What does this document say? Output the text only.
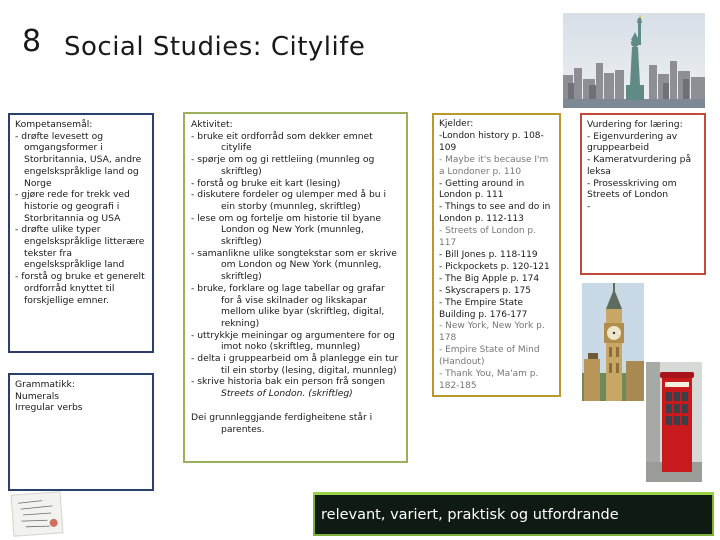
8 Social Studies: Citylife

Kompetansemål:

- drøfte levesett og omgangsformer i Storbritannia, USA, andre engelskspråklige land og Norge

- gjøre rede for trekk ved historie og geografi i Storbritannia og USA

- drøfte ulike typer engelskspråklige litterære tekster fra engelskspråklige land

- forstå og bruke et generelt ordforråd knyttet til forskjellige emner.

Grammatikk:

Numerals

Irregular verbs

Aktivitet:

- bruke eit ordforråd som dekker emnet citylife

- spørje om og gi rettleiing (munnleg og skriftleg)

- forstå og bruke eit kart (lesing)

- diskutere fordeler og ulemper med å bu i ein storby (munnleg, skriftleg)

- lese om og fortelje om historie til byane London og New York (munnleg, skriftleg)

- samanlikne ulike songtekstar som er skrive om London og New York (munnleg, skriftleg)

- bruke, forklare og lage tabellar og grafar for å vise skilnader og likskapar mellom ulike byar (skriftleg, digital, rekning)

- uttrykkje meiningar og argumentere for og imot noko (skriftleg, munnleg)

- delta i gruppearbeid om å planlegge ein tur til ein storby (lesing, digital, munnleg)

- skrive historia bak ein person frå songen Streets of London. (skriftleg)

Dei grunnleggjande ferdigheitene står i parentes.

Kjelder:

-London history p. 108-109

- Maybe it's because I'm a Londoner p. 110

- Getting around in London p. 111

- Things to see and do in London p. 112-113

- Streets of London p. 117

- Bill Jones p. 118-119

- Pickpockets p. 120-121

- The Big Apple p. 174

- Skyscrapers p. 175

- The Empire State Building p. 176-177

- New York, New York p. 178

- Empire State of Mind (Handout)

- Thank You, Ma'am p. 182-185

Vurdering for læring:

- Eigenvurdering av gruppearbeid

- Kameratvurdering på leksa

- Prosesskriving om Streets of London

-

relevant, variert, praktisk og utfordrande
